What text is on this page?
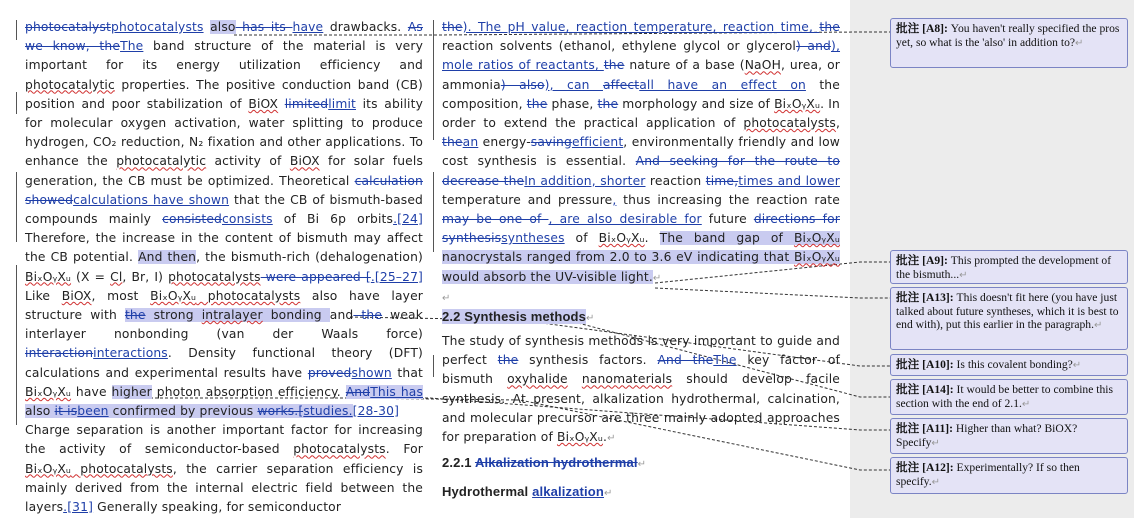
photocatalystphotocatalysts also has its have drawbacks. As we know, theThe band structure of the material is very important for its energy utilization efficiency and photocatalytic properties. The positive conduction band (CB) position and poor stabilization of BiOX limitedlimit its ability for molecular oxygen activation, water splitting to produce hydrogen, CO₂ reduction, N₂ fixation and other applications. To enhance the photocatalytic activity of BiOX for solar fuels generation, the CB must be optimized. Theoretical calculation showedcalculations have shown that the CB of bismuth-based compounds mainly consistedconsists of Bi 6p orbits.[24] Therefore, the increase in the content of bismuth may affect the CB potential. And then, the bismuth-rich (dehalogenation) BiₓOᵧXᵤ (X = Cl, Br, I) photocatalysts were appeared [.[25–27] Like BiOX, most BiₓOᵧXᵤ photocatalysts also have layer structure with the strong intralayer bonding and the weak interlayer nonbonding (van der Waals force) interactioninteractions. Density functional theory (DFT) calculations and experimental results have provedshown that BiₓOᵧXᵤ have higher photon absorption efficiency. AndThis has also it isbeen confirmed by previous works.[studies.[28-30]

Charge separation is another important factor for increasing the activity of semiconductor-based photocatalysts. For BiₓOᵧXᵤ photocatalysts, the carrier separation efficiency is mainly derived from the internal electric field between the layers.[31] Generally speaking, for semiconductor

the). The pH value, reaction temperature, reaction time, the reaction solvents (ethanol, ethylene glycol or glycerol) and), mole ratios of reactants, the nature of a base (NaOH, urea, or ammonia) also), can affectall have an effect on the composition, the phase, the morphology and size of BiₓOᵧXᵤ. In order to extend the practical application of photocatalysts, thean energy-savingefficient, environmentally friendly and low cost synthesis is essential. And seeking for the route to decrease theIn addition, shorter reaction time,times and lower temperature and pressure, thus increasing the reaction rate may be one of , are also desirable for future directions for synthesissyntheses of BiₓOᵧXᵤ. The band gap of BiₓOᵧXᵤ nanocrystals ranged from 2.0 to 3.6 eV indicating that BiₓOᵧXᵤ would absorb the UV-visible light.↵

↵

2.2 Synthesis methods↵

The study of synthesis methods is very important to guide and perfect the synthesis factors. And theThe key factor of bismuth oxyhalide nanomaterials should develop facile synthesis. At present, alkalization hydrothermal, calcination, and molecular precursor are three mainly adopted approaches for preparation of BiₓOᵧXᵤ.↵

2.2.1 Alkalization hydrothermal↵

Hydrothermal alkalization↵

批注 [A8]: You haven't really specified the pros yet, so what is the 'also' in addition to?↵
批注 [A9]: This prompted the development of the bismuth...↵
批注 [A13]: This doesn't fit here (you have just talked about future syntheses, which it is best to end with), put this earlier in the paragraph.↵
批注 [A10]: Is this covalent bonding?↵
批注 [A14]: It would be better to combine this section with the end of 2.1.↵
批注 [A11]: Higher than what? BiOX? Specify↵
批注 [A12]: Experimentally? If so then specify.↵
